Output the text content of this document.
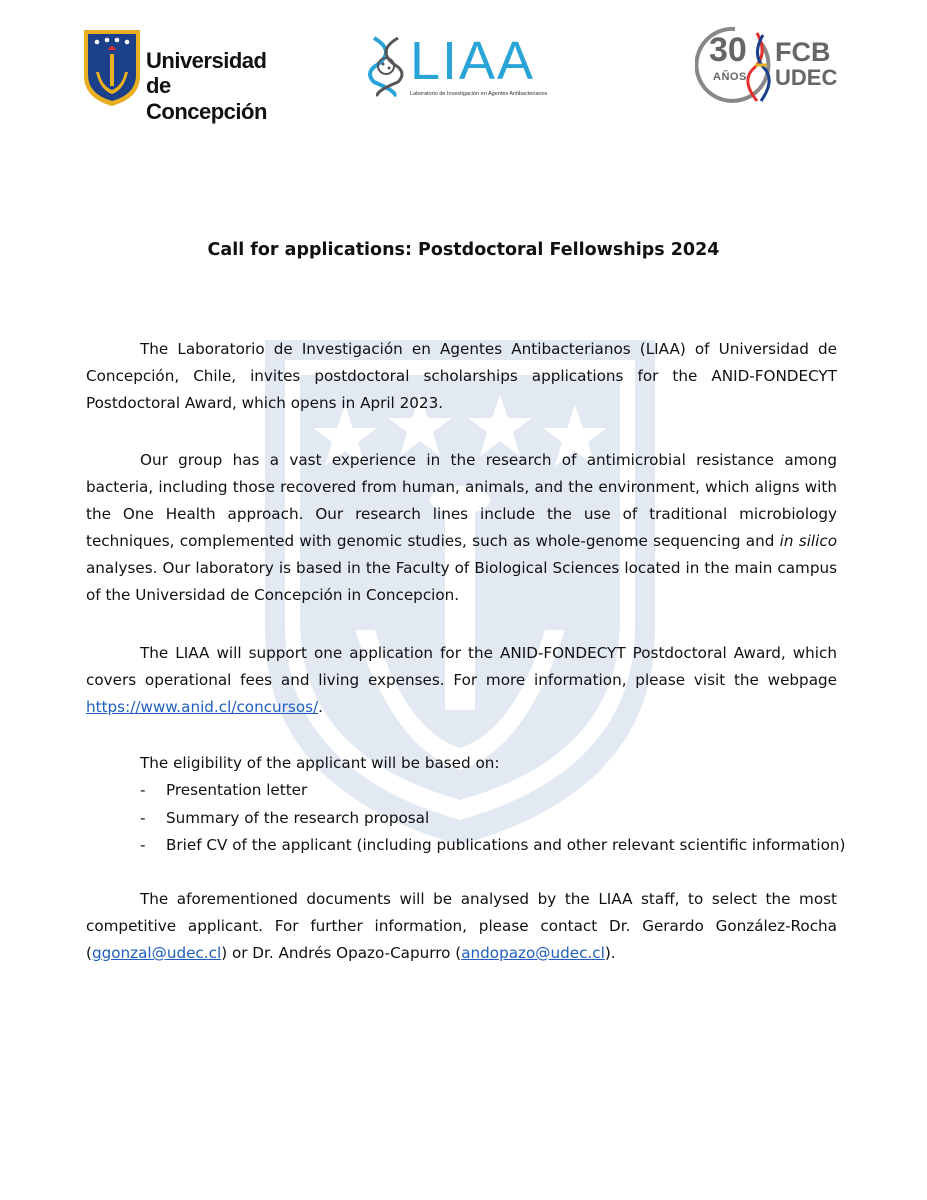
Universidad
de Concepción
LIAA
Laboratorio de Investigación en Agentes Antibacterianos
30
AÑOS
FCB
UDEC
Call for applications: Postdoctoral Fellowships 2024

The Laboratorio de Investigación en Agentes Antibacterianos (LIAA) of Universidad de Concepción, Chile, invites postdoctoral scholarships applications for the ANID-FONDECYT Postdoctoral Award, which opens in April 2023.

Our group has a vast experience in the research of antimicrobial resistance among bacteria, including those recovered from human, animals, and the environment, which aligns with the One Health approach. Our research lines include the use of traditional microbiology techniques, complemented with genomic studies, such as whole-genome sequencing and in silico analyses. Our laboratory is based in the Faculty of Biological Sciences located in the main campus of the Universidad de Concepción in Concepcion.

The LIAA will support one application for the ANID-FONDECYT Postdoctoral Award, which covers operational fees and living expenses. For more information, please visit the webpage https://www.anid.cl/concursos/.

The eligibility of the applicant will be based on:

- Presentation letter
- Summary of the research proposal
- Brief CV of the applicant (including publications and other relevant scientific information)

The aforementioned documents will be analysed by the LIAA staff, to select the most competitive applicant. For further information, please contact Dr. Gerardo González-Rocha (ggonzal@udec.cl) or Dr. Andrés Opazo-Capurro (andopazo@udec.cl).
